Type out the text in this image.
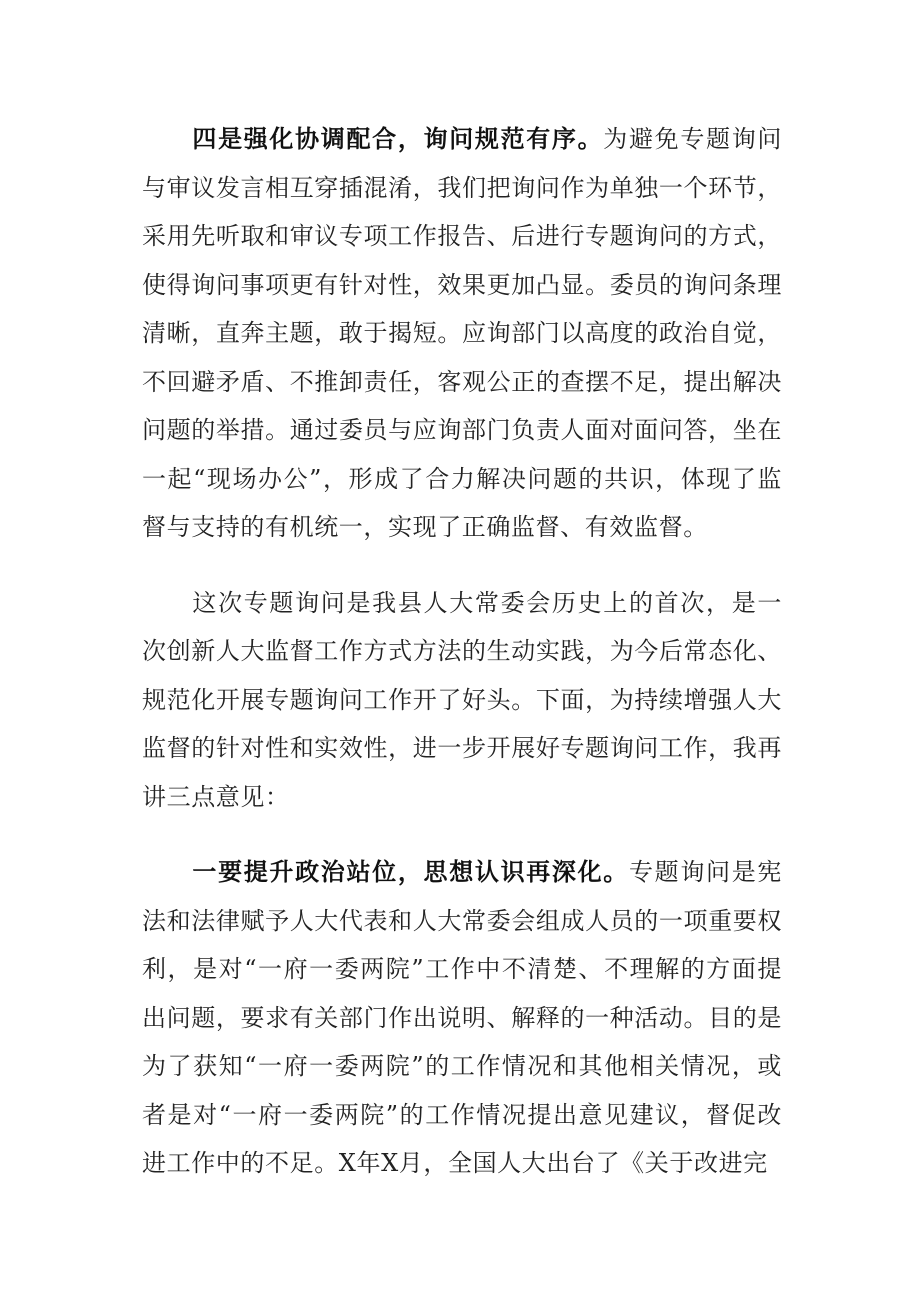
四是强化协调配合，询问规范有序。为避免专题询问与审议发言相互穿插混淆，我们把询问作为单独一个环节，采用先听取和审议专项工作报告、后进行专题询问的方式，使得询问事项更有针对性，效果更加凸显。委员的询问条理清晰，直奔主题，敢于揭短。应询部门以高度的政治自觉，不回避矛盾、不推卸责任，客观公正的查摆不足，提出解决问题的举措。通过委员与应询部门负责人面对面问答，坐在一起“现场办公”，形成了合力解决问题的共识，体现了监督与支持的有机统一，实现了正确监督、有效监督。

这次专题询问是我县人大常委会历史上的首次，是一次创新人大监督工作方式方法的生动实践，为今后常态化、规范化开展专题询问工作开了好头。下面，为持续增强人大监督的针对性和实效性，进一步开展好专题询问工作，我再讲三点意见：

一要提升政治站位，思想认识再深化。专题询问是宪法和法律赋予人大代表和人大常委会组成人员的一项重要权利，是对“一府一委两院”工作中不清楚、不理解的方面提出问题，要求有关部门作出说明、解释的一种活动。目的是为了获知“一府一委两院”的工作情况和其他相关情况，或者是对“一府一委两院”的工作情况提出意见建议，督促改进工作中的不足。X年X月，全国人大出台了《关于改进完
